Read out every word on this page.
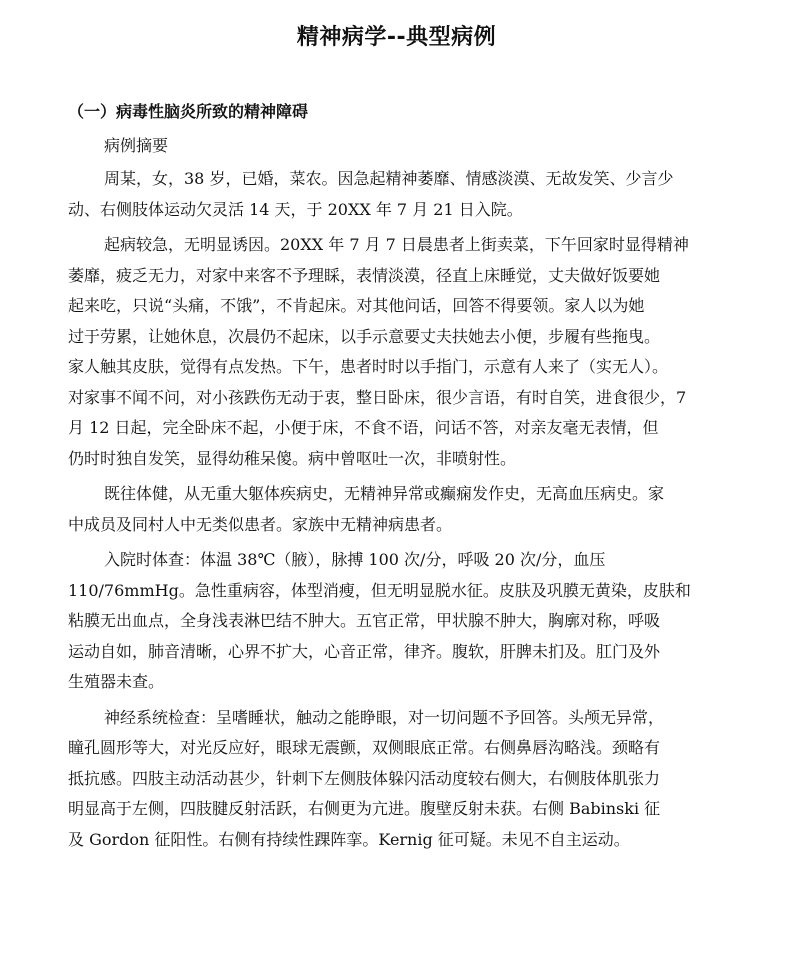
精神病学--典型病例
（一）病毒性脑炎所致的精神障碍
病例摘要

周某，女，38 岁，已婚，菜农。因急起精神萎靡、情感淡漠、无故发笑、少言少
动、右侧肢体运动欠灵活 14 天，于 20XX 年 7 月 21 日入院。

起病较急，无明显诱因。20XX 年 7 月 7 日晨患者上街卖菜，下午回家时显得精神
萎靡，疲乏无力，对家中来客不予理睬，表情淡漠，径直上床睡觉，丈夫做好饭要她
起来吃，只说“头痛，不饿”，不肯起床。对其他问话，回答不得要领。家人以为她
过于劳累，让她休息，次晨仍不起床，以手示意要丈夫扶她去小便，步履有些拖曳。
家人触其皮肤，觉得有点发热。下午，患者时时以手指门，示意有人来了（实无人）。
对家事不闻不问，对小孩跌伤无动于衷，整日卧床，很少言语，有时自笑，进食很少，7
月 12 日起，完全卧床不起，小便于床，不食不语，问话不答，对亲友毫无表情，但
仍时时独自发笑，显得幼稚呆傻。病中曾呕吐一次，非喷射性。

既往体健，从无重大躯体疾病史，无精神异常或癫痫发作史，无高血压病史。家
中成员及同村人中无类似患者。家族中无精神病患者。

入院时体查：体温 38℃（腋），脉搏 100 次/分，呼吸 20 次/分，血压
110/76mmHg。急性重病容，体型消瘦，但无明显脱水征。皮肤及巩膜无黄染，皮肤和
粘膜无出血点，全身浅表淋巴结不肿大。五官正常，甲状腺不肿大，胸廓对称，呼吸
运动自如，肺音清晰，心界不扩大，心音正常，律齐。腹软，肝脾未扪及。肛门及外
生殖器未查。

神经系统检查：呈嗜睡状，触动之能睁眼，对一切问题不予回答。头颅无异常，
瞳孔圆形等大，对光反应好，眼球无震颤，双侧眼底正常。右侧鼻唇沟略浅。颈略有
抵抗感。四肢主动活动甚少，针刺下左侧肢体躲闪活动度较右侧大，右侧肢体肌张力
明显高于左侧，四肢腱反射活跃，右侧更为亢进。腹壁反射未获。右侧 Babinski 征
及 Gordon 征阳性。右侧有持续性踝阵挛。Kernig 征可疑。未见不自主运动。
